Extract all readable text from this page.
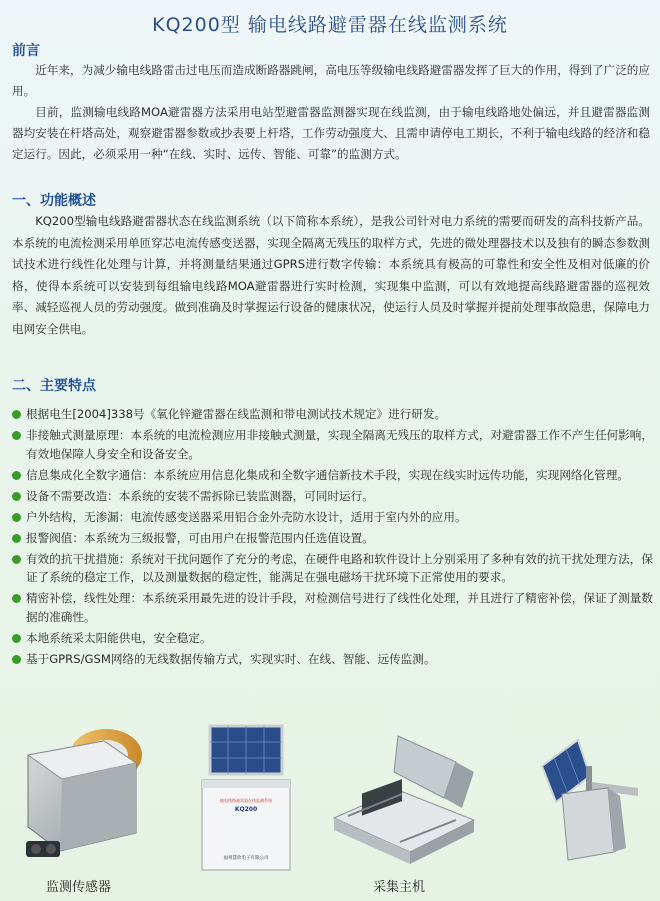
KQ200型 输电线路避雷器在线监测系统
前言

近年来，为减少输电线路雷击过电压而造成断路器跳闸，高电压等级输电线路避雷器发挥了巨大的作用，得到了广泛的应用。

目前，监测输电线路MOA避雷器方法采用电站型避雷器监测器实现在线监测，由于输电线路地处偏远，并且避雷器监测器均安装在杆塔高处，观察避雷器参数或抄表要上杆塔，工作劳动强度大、且需申请停电工期长，不利于输电线路的经济和稳定运行。因此，必须采用一种“在线、实时、远传、智能、可靠”的监测方式。

一、功能概述

KQ200型输电线路避雷器状态在线监测系统（以下简称本系统），是我公司针对电力系统的需要而研发的高科技新产品。本系统的电流检测采用单匝穿芯电流传感变送器，实现全隔离无残压的取样方式，先进的微处理器技术以及独有的瞬态参数测试技术进行线性化处理与计算，并将测量结果通过GPRS进行数字传输：本系统具有极高的可靠性和安全性及相对低廉的价格，使得本系统可以安装到每组输电线路MOA避雷器进行实时检测，实现集中监测，可以有效地提高线路避雷器的巡视效率、减轻巡视人员的劳动强度。做到准确及时掌握运行设备的健康状况，使运行人员及时掌握并提前处理事故隐患，保障电力电网安全供电。

二、主要特点
根据电生[2004]338号《氧化锌避雷器在线监测和带电测试技术规定》进行研发。
非接触式测量原理：本系统的电流检测应用非接触式测量，实现全隔离无残压的取样方式，对避雷器工作不产生任何影响，有效地保障人身安全和设备安全。
信息集成化全数字通信：本系统应用信息化集成和全数字通信新技术手段，实现在线实时远传功能，实现网络化管理。
设备不需要改造：本系统的安装不需拆除已装监测器，可同时运行。
户外结构，无渗漏：电流传感变送器采用铝合金外壳防水设计，适用于室内外的应用。
报警阀值：本系统为三级报警，可由用户在报警范围内任选值设置。
有效的抗干扰措施：系统对干扰问题作了充分的考虑，在硬件电路和软件设计上分别采用了多种有效的抗干扰处理方法，保证了系统的稳定工作，以及测量数据的稳定性，能满足在强电磁场干扰环境下正常使用的要求。
精密补偿，线性处理：本系统采用最先进的设计手段，对检测信号进行了线性化处理，并且进行了精密补偿，保证了测量数据的准确性。
本地系统采太阳能供电，安全稳定。
基于GPRS/GSM网络的无线数据传输方式，实现实时、在线、智能、远传监测。
监测传感器
输电线路避雷器在线监测系统
KQ200
福州慧欣电子有限公司
采集主机
